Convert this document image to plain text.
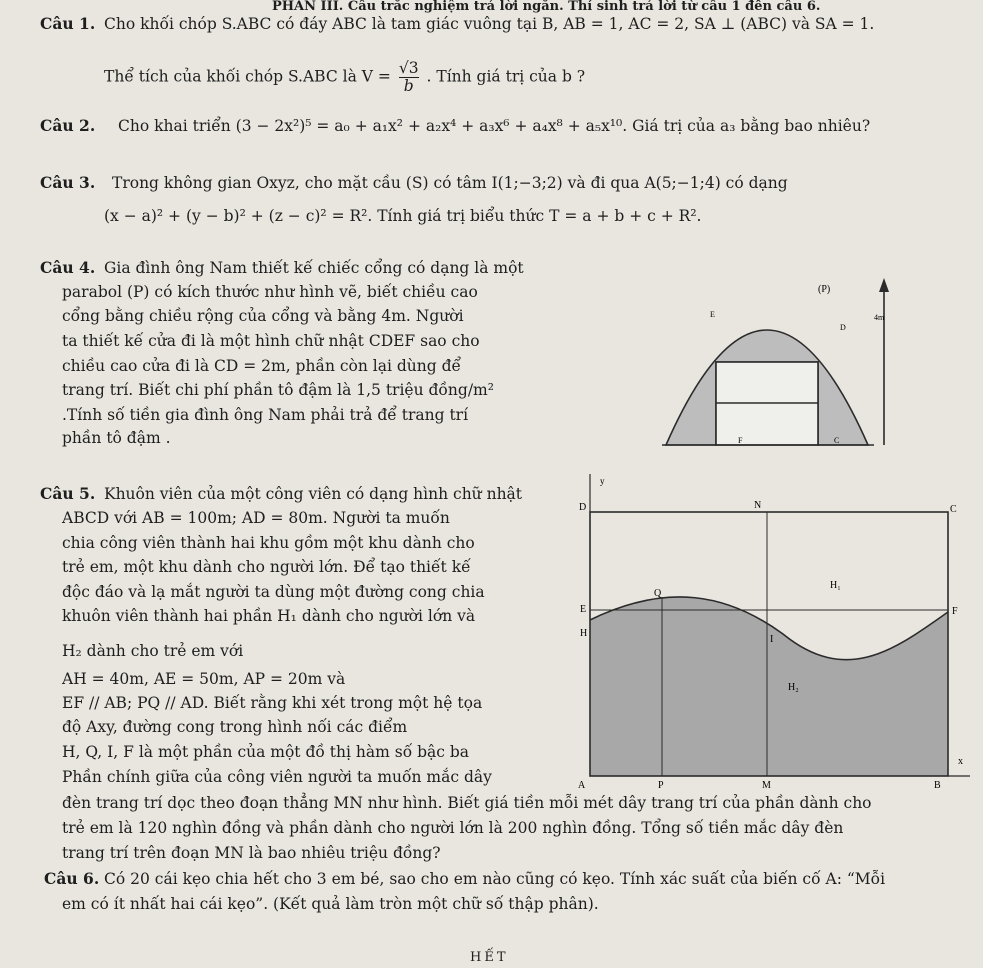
PHẦN III. Câu trắc nghiệm trả lời ngắn. Thí sinh trả lời từ câu 1 đến câu 6.
Câu 1. Cho khối chóp S.ABC có đáy ABC là tam giác vuông tại B, AB = 1, AC = 2, SA ⊥ (ABC) và SA = 1.
Thể tích của khối chóp S.ABC là $V = \frac{√3}{b}$ . Tính giá trị của b ?
Câu 2. Cho khai triển (3 − 2x²)⁵ = a₀ + a₁x² + a₂x⁴ + a₃x⁶ + a₄x⁸ + a₅x¹⁰. Giá trị của a₃ bằng bao nhiêu?
Câu 3. Trong không gian Oxyz, cho mặt cầu (S) có tâm I(1;−3;2) và đi qua A(5;−1;4) có dạng
(x − a)² + (y − b)² + (z − c)² = R². Tính giá trị biểu thức T = a + b + c + R².
Câu 4. Gia đình ông Nam thiết kế chiếc cổng có dạng là một
parabol (P) có kích thước như hình vẽ, biết chiều cao
cổng bằng chiều rộng của cổng và bằng 4m. Người
ta thiết kế cửa đi là một hình chữ nhật CDEF sao cho
chiều cao cửa đi là CD = 2m, phần còn lại dùng để
trang trí. Biết chi phí phần tô đậm là 1,5 triệu đồng/m²
.Tính số tiền gia đình ông Nam phải trả để trang trí
phần tô đậm .
(P)
E
D
4m
F	C
Câu 5. Khuôn viên của một công viên có dạng hình chữ nhật
ABCD với AB = 100m; AD = 80m. Người ta muốn
chia công viên thành hai khu gồm một khu dành cho
trẻ em, một khu dành cho người lớn. Để tạo thiết kế
độc đáo và lạ mắt người ta dùng một đường cong chia
khuôn viên thành hai phần H₁ dành cho người lớn và
H₂ dành cho trẻ em với
AH = 40m, AE = 50m, AP = 20m và
EF // AB; PQ // AD. Biết rằng khi xét trong một hệ tọa
độ Axy, đường cong trong hình nối các điểm
H, Q, I, F là một phần của một đồ thị hàm số bậc ba
Phần chính giữa của công viên người ta muốn mắc dây
đèn trang trí dọc theo đoạn thẳng MN như hình. Biết giá tiền mỗi mét dây trang trí của phần dành cho
trẻ em là 120 nghìn đồng và phần dành cho người lớn là 200 nghìn đồng. Tổng số tiền mắc dây đèn
trang trí trên đoạn MN là bao nhiêu triệu đồng?
y
D	N	C
H₁
Q
E	F
H
I
H₂
x
A	P	M	B
Câu 6. Có 20 cái kẹo chia hết cho 3 em bé, sao cho em nào cũng có kẹo. Tính xác suất của biến cố A: “Mỗi
em có ít nhất hai cái kẹo”. (Kết quả làm tròn một chữ số thập phân).
HẾT
